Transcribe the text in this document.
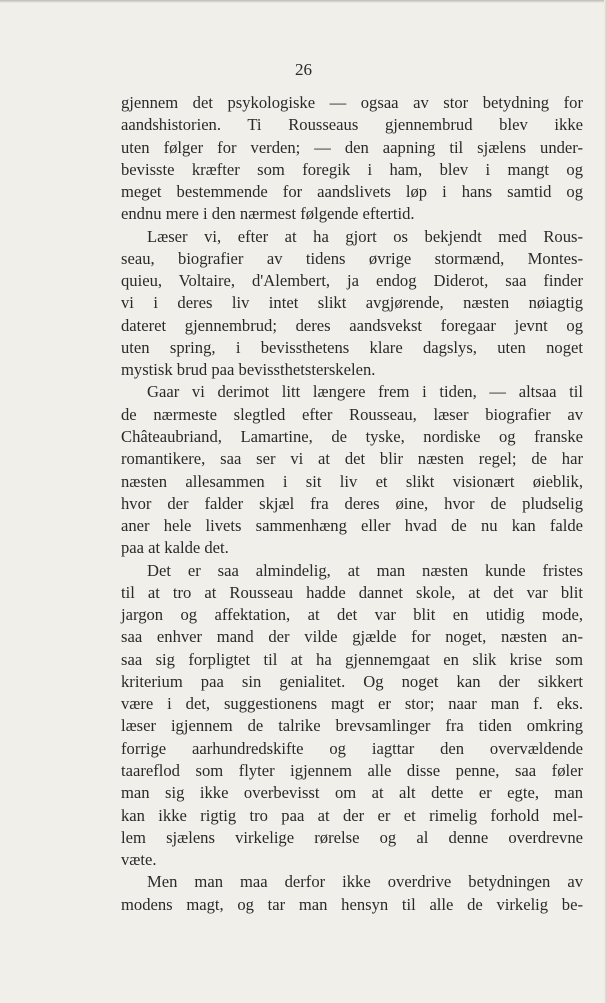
26
gjennem det psykologiske — ogsaa av stor betydning for
aandshistorien. Ti Rousseaus gjennembrud blev ikke
uten følger for verden; — den aapning til sjælens under-
bevisste kræfter som foregik i ham, blev i mangt og
meget bestemmende for aandslivets løp i hans samtid og
endnu mere i den nærmest følgende eftertid.
Læser vi, efter at ha gjort os bekjendt med Rous-
seau, biografier av tidens øvrige stormænd, Montes-
quieu, Voltaire, d'Alembert, ja endog Diderot, saa finder
vi i deres liv intet slikt avgjørende, næsten nøiagtig
dateret gjennembrud; deres aandsvekst foregaar jevnt og
uten spring, i bevissthetens klare dagslys, uten noget
mystisk brud paa bevissthetsterskelen.
Gaar vi derimot litt længere frem i tiden, — altsaa til
de nærmeste slegtled efter Rousseau, læser biografier av
Châteaubriand, Lamartine, de tyske, nordiske og franske
romantikere, saa ser vi at det blir næsten regel; de har
næsten allesammen i sit liv et slikt visionært øieblik,
hvor der falder skjæl fra deres øine, hvor de pludselig
aner hele livets sammenhæng eller hvad de nu kan falde
paa at kalde det.
Det er saa almindelig, at man næsten kunde fristes
til at tro at Rousseau hadde dannet skole, at det var blit
jargon og affektation, at det var blit en utidig mode,
saa enhver mand der vilde gjælde for noget, næsten an-
saa sig forpligtet til at ha gjennemgaat en slik krise som
kriterium paa sin genialitet. Og noget kan der sikkert
være i det, suggestionens magt er stor; naar man f. eks.
læser igjennem de talrike brevsamlinger fra tiden omkring
forrige aarhundredskifte og iagttar den overvældende
taareflod som flyter igjennem alle disse penne, saa føler
man sig ikke overbevisst om at alt dette er egte, man
kan ikke rigtig tro paa at der er et rimelig forhold mel-
lem sjælens virkelige rørelse og al denne overdrevne
væte.
Men man maa derfor ikke overdrive betydningen av
modens magt, og tar man hensyn til alle de virkelig be-
